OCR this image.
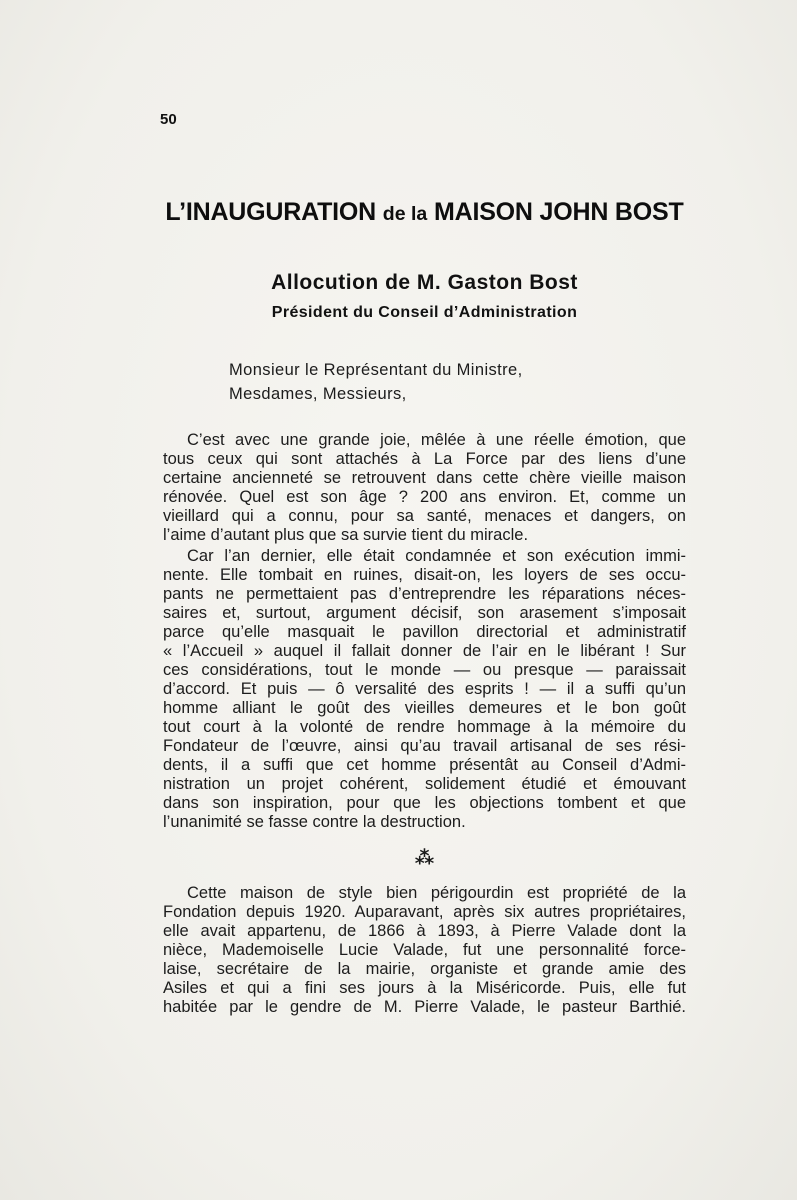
50
L’INAUGURATION de la MAISON JOHN BOST
Allocution de M. Gaston Bost
Président du Conseil d’Administration
Monsieur le Représentant du Ministre,
Mesdames, Messieurs,
C’est avec une grande joie, mêlée à une réelle émotion, que
tous ceux qui sont attachés à La Force par des liens d’une
certaine ancienneté se retrouvent dans cette chère vieille maison
rénovée. Quel est son âge ? 200 ans environ. Et, comme un
vieillard qui a connu, pour sa santé, menaces et dangers, on
l’aime d’autant plus que sa survie tient du miracle.
Car l’an dernier, elle était condamnée et son exécution immi-
nente. Elle tombait en ruines, disait-on, les loyers de ses occu-
pants ne permettaient pas d’entreprendre les réparations néces-
saires et, surtout, argument décisif, son arasement s’imposait
parce qu’elle masquait le pavillon directorial et administratif
« l’Accueil » auquel il fallait donner de l’air en le libérant ! Sur
ces considérations, tout le monde — ou presque — paraissait
d’accord. Et puis — ô versalité des esprits ! — il a suffi qu’un
homme alliant le goût des vieilles demeures et le bon goût
tout court à la volonté de rendre hommage à la mémoire du
Fondateur de l’œuvre, ainsi qu’au travail artisanal de ses rési-
dents, il a suffi que cet homme présentât au Conseil d’Admi-
nistration un projet cohérent, solidement étudié et émouvant
dans son inspiration, pour que les objections tombent et que
l’unanimité se fasse contre la destruction.
⁂
Cette maison de style bien périgourdin est propriété de la
Fondation depuis 1920. Auparavant, après six autres propriétaires,
elle avait appartenu, de 1866 à 1893, à Pierre Valade dont la
nièce, Mademoiselle Lucie Valade, fut une personnalité force-
laise, secrétaire de la mairie, organiste et grande amie des
Asiles et qui a fini ses jours à la Miséricorde. Puis, elle fut
habitée par le gendre de M. Pierre Valade, le pasteur Barthié.
